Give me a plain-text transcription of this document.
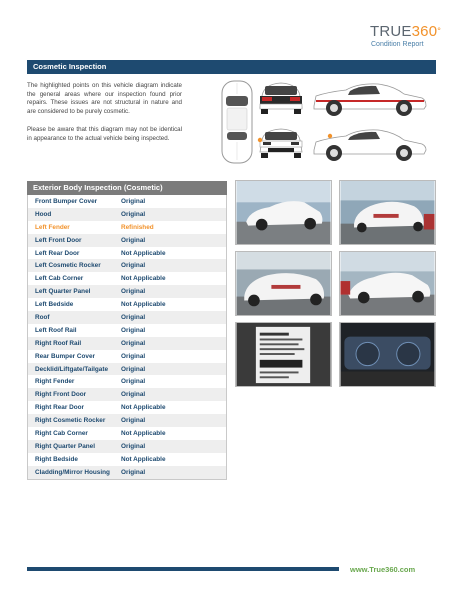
TRUE360°
Condition Report
Cosmetic Inspection
The highlighted points on this vehicle diagram indicate the general areas where our inspection found prior repairs. These issues are not structural in nature and are considered to be purely cosmetic.
Please be aware that this diagram may not be identical in appearance to the actual vehicle being inspected.
Exterior Body Inspection (Cosmetic)
Front Bumper Cover	Original
Hood	Original
Left Fender	Refinished
Left Front Door	Original
Left Rear Door	Not Applicable
Left Cosmetic Rocker	Original
Left Cab Corner	Not Applicable
Left Quarter Panel	Original
Left Bedside	Not Applicable
Roof	Original
Left Roof Rail	Original
Right Roof Rail	Original
Rear Bumper Cover	Original
Decklid/Liftgate/Tailgate	Original
Right Fender	Original
Right Front Door	Original
Right Rear Door	Not Applicable
Right Cosmetic Rocker	Original
Right Cab Corner	Not Applicable
Right Quarter Panel	Original
Right Bedside	Not Applicable
Cladding/Mirror Housing	Original
www.True360.com
